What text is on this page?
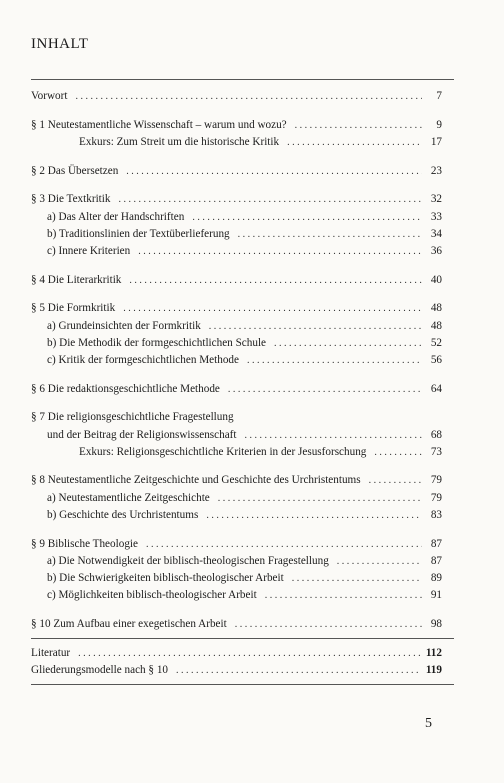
INHALT
Vorwort . . .	7
§ 1 Neutestamentliche Wissenschaft – warum und wozu? . . .	9
Exkurs: Zum Streit um die historische Kritik . . .	17
§ 2 Das Übersetzen . . .	23
§ 3 Die Textkritik . . .	32
a) Das Alter der Handschriften . . .	33
b) Traditionslinien der Textüberlieferung . . .	34
c) Innere Kriterien . . .	36
§ 4 Die Literarkritik . . .	40
§ 5 Die Formkritik . . .	48
a) Grundeinsichten der Formkritik . . .	48
b) Die Methodik der formgeschichtlichen Schule . . .	52
c) Kritik der formgeschichtlichen Methode . . .	56
§ 6 Die redaktionsgeschichtliche Methode . . .	64
§ 7 Die religionsgeschichtliche Fragestellung
und der Beitrag der Religionswissenschaft . . .	68
Exkurs: Religionsgeschichtliche Kriterien in der Jesusforschung . . .	73
§ 8 Neutestamentliche Zeitgeschichte und Geschichte des Urchristentums . . .	79
a) Neutestamentliche Zeitgeschichte . . .	79
b) Geschichte des Urchristentums . . .	83
§ 9 Biblische Theologie . . .	87
a) Die Notwendigkeit der biblisch-theologischen Fragestellung . . .	87
b) Die Schwierigkeiten biblisch-theologischer Arbeit . . .	89
c) Möglichkeiten biblisch-theologischer Arbeit . . .	91
§ 10 Zum Aufbau einer exegetischen Arbeit . . .	98
Literatur . . .	112
Gliederungsmodelle nach § 10 . . .	119
5
